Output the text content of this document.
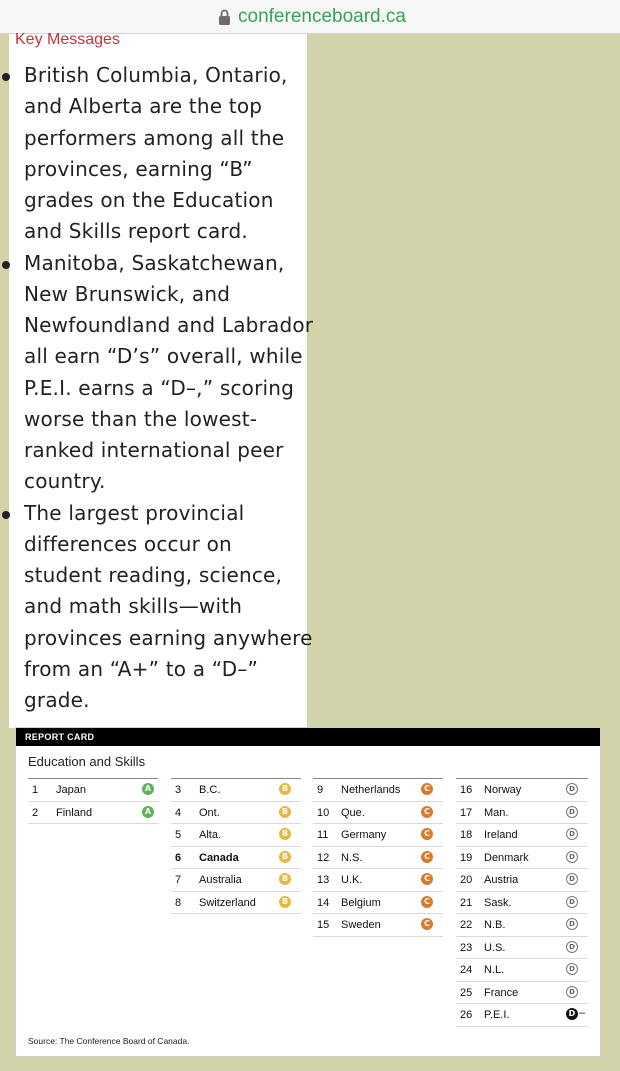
conferenceboard.ca
Key Messages
British Columbia, Ontario,
and Alberta are the top
performers among all the
provinces, earning “B”
grades on the Education
and Skills report card.
Manitoba, Saskatchewan,
New Brunswick, and
Newfoundland and Labrador
all earn “D’s” overall, while
P.E.I. earns a “D–,” scoring
worse than the lowest-
ranked international peer
country.
The largest provincial
differences occur on
student reading, science,
and math skills—with
provinces earning anywhere
from an “A+” to a “D–”
grade.
REPORT CARD
Education and Skills
1 Japan	A
2 Finland	A
3 B.C.	B
4 Ont.	B
5 Alta.	B
6 Canada	B
7 Australia	B
8 Switzerland	B
9 Netherlands	C
10 Que.	C
11 Germany	C
12 N.S.	C
13 U.K.	C
14 Belgium	C
15 Sweden	C
16 Norway	D
17 Man.	D
18 Ireland	D
19 Denmark	D
20 Austria	D
21 Sask.	D
22 N.B.	D
23 U.S.	D
24 N.L.	D
25 France	D
26 P.E.I.	D –
Source: The Conference Board of Canada.
